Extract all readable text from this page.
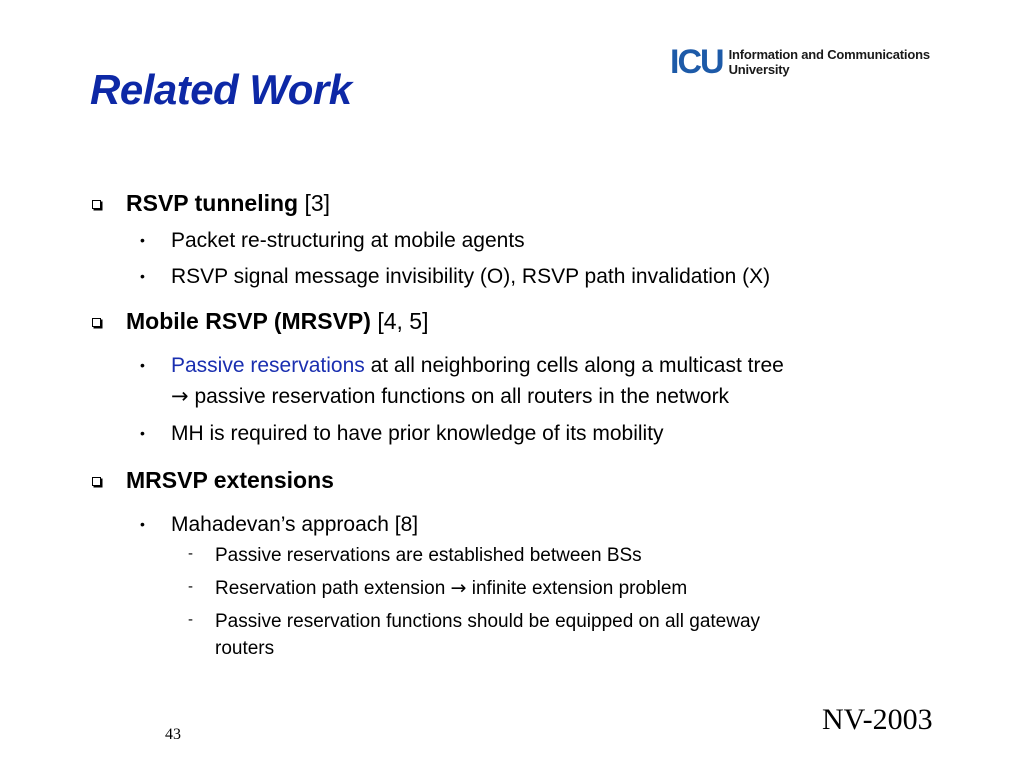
Related Work
ICU Information and Communications
University
RSVP tunneling [3]
• Packet re-structuring at mobile agents
• RSVP signal message invisibility (O), RSVP path invalidation (X)
Mobile RSVP (MRSVP) [4, 5]
• Passive reservations at all neighboring cells along a multicast tree
→ passive reservation functions on all routers in the network
• MH is required to have prior knowledge of its mobility
MRSVP extensions
• Mahadevan’s approach [8]
- Passive reservations are established between BSs
- Reservation path extension → infinite extension problem
- Passive reservation functions should be equipped on all gateway
routers
43	NV-2003
